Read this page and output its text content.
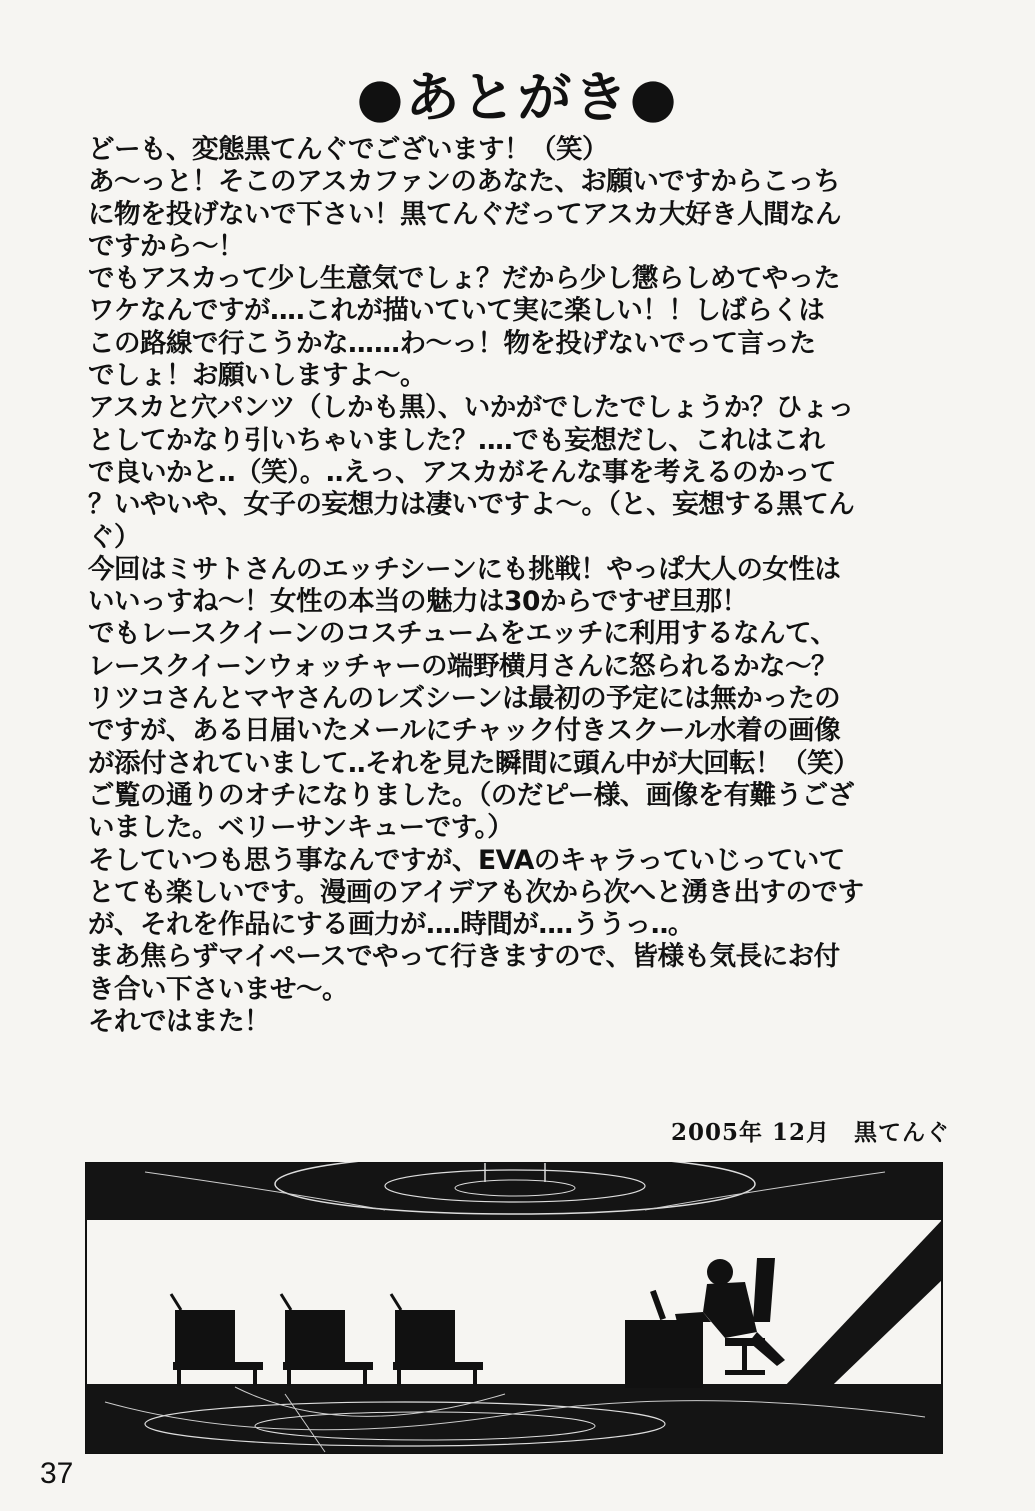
●あとがき●
どーも、変態黒てんぐでございます！（笑）
あ～っと！そこのアスカファンのあなた、お願いですからこっち
に物を投げないで下さい！黒てんぐだってアスカ大好き人間なん
ですから～！
でもアスカって少し生意気でしょ？だから少し懲らしめてやった
ワケなんですが‥‥これが描いていて実に楽しい！！しばらくは
この路線で行こうかな‥‥‥わ～っ！物を投げないでって言った
でしょ！お願いしますよ～。
アスカと穴パンツ（しかも黒）、いかがでしたでしょうか？ひょっ
としてかなり引いちゃいました？‥‥でも妄想だし、これはこれ
で良いかと‥（笑）。‥えっ、アスカがそんな事を考えるのかって
？いやいや、女子の妄想力は凄いですよ～。（と、妄想する黒てん
ぐ）
今回はミサトさんのエッチシーンにも挑戦！やっぱ大人の女性は
いいっすね～！女性の本当の魅力は30からですぜ旦那！
でもレースクイーンのコスチュームをエッチに利用するなんて、
レースクイーンウォッチャーの端野横月さんに怒られるかな～？
リツコさんとマヤさんのレズシーンは最初の予定には無かったの
ですが、ある日届いたメールにチャック付きスクール水着の画像
が添付されていまして‥それを見た瞬間に頭ん中が大回転！（笑）
ご覧の通りのオチになりました。（のだピー様、画像を有難うござ
いました。ベリーサンキューです。）
そしていつも思う事なんですが、EVAのキャラっていじっていて
とても楽しいです。漫画のアイデアも次から次へと湧き出すのです
が、それを作品にする画力が‥‥時間が‥‥ううっ‥。
まあ焦らずマイペースでやって行きますので、皆様も気長にお付
き合い下さいませ～。
それではまた！
2005年 12月　黒てんぐ
37
